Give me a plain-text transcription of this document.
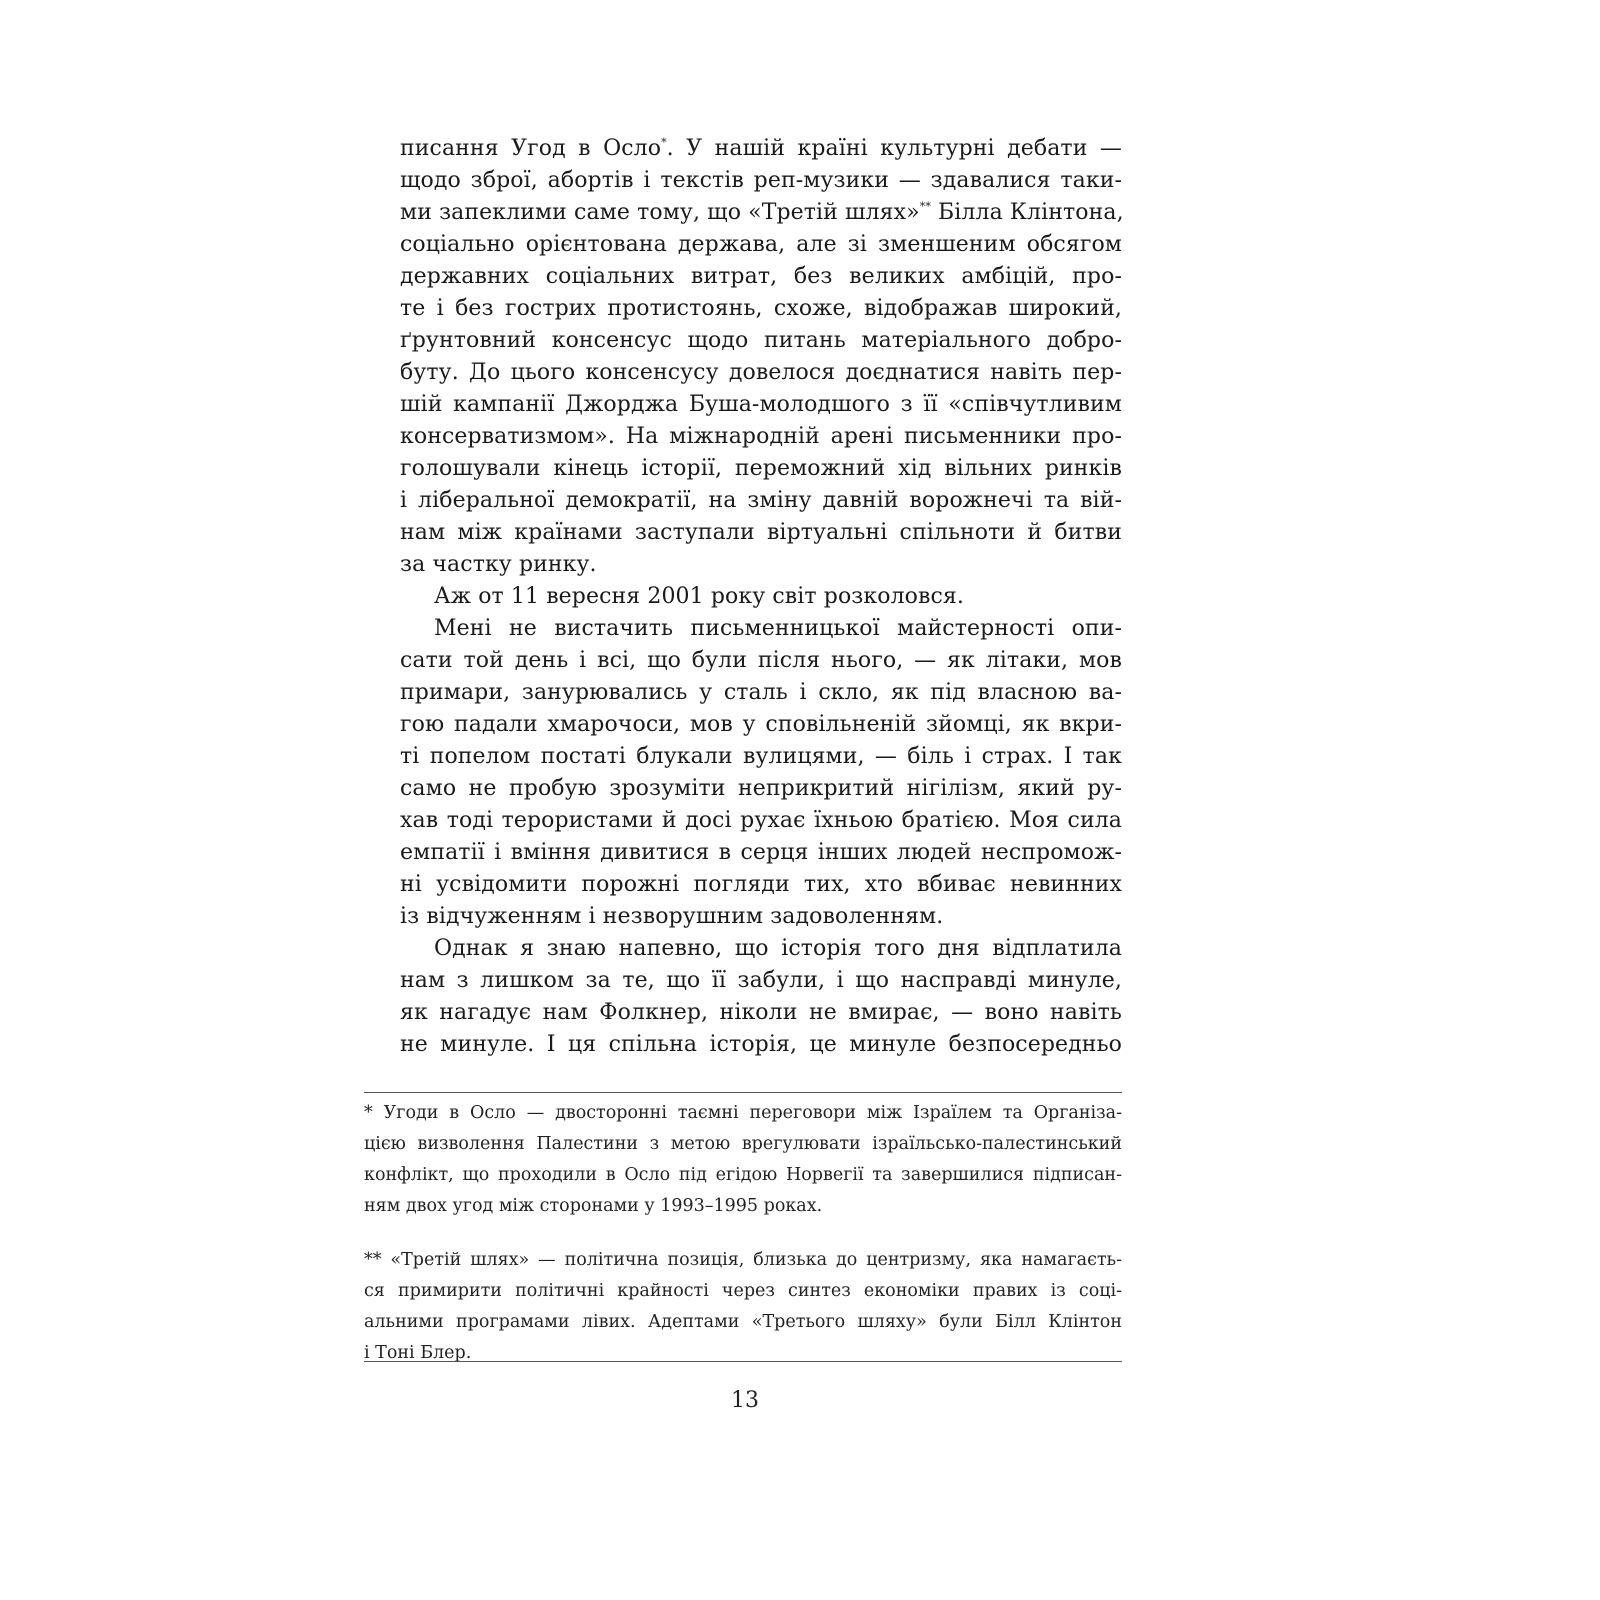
писання Угод в Осло*. У нашій країні культурні дебати —
щодо зброї, абортів і текстів реп-музики — здавалися таки-
ми запеклими саме тому, що «Третій шлях»** Білла Клінтона,
соціально орієнтована держава, але зі зменшеним обсягом
державних соціальних витрат, без великих амбіцій, про-
те і без гострих протистоянь, схоже, відображав широкий,
ґрунтовний консенсус щодо питань матеріального добро-
буту. До цього консенсусу довелося доєднатися навіть пер-
шій кампанії Джорджа Буша-молодшого з її «співчутливим
консерватизмом». На міжнародній арені письменники про-
голошували кінець історії, переможний хід вільних ринків
і ліберальної демократії, на зміну давній ворожнечі та вій-
нам між країнами заступали віртуальні спільноти й битви
за частку ринку.
Аж от 11 вересня 2001 року світ розколовся.
Мені не вистачить письменницької майстерності опи-
сати той день і всі, що були після нього, — як літаки, мов
примари, занурювались у сталь і скло, як під власною ва-
гою падали хмарочоси, мов у сповільненій зйомці, як вкри-
ті попелом постаті блукали вулицями, — біль і страх. І так
само не пробую зрозуміти неприкритий нігілізм, який ру-
хав тоді терористами й досі рухає їхньою братією. Моя сила
емпатії і вміння дивитися в серця інших людей неспромож-
ні усвідомити порожні погляди тих, хто вбиває невинних
із відчуженням і незворушним задоволенням.
Однак я знаю напевно, що історія того дня відплатила
нам з лишком за те, що її забули, і що насправді минуле,
як нагадує нам Фолкнер, ніколи не вмирає, — воно навіть
не минуле. І ця спільна історія, це минуле безпосередньо
* Угоди в Осло — двосторонні таємні переговори між Ізраїлем та Організа-
цією визволення Палестини з метою врегулювати ізраїльсько-палестинський
конфлікт, що проходили в Осло під егідою Норвегії та завершилися підписан-
ням двох угод між сторонами у 1993–1995 роках.
** «Третій шлях» — політична позиція, близька до центризму, яка намагаєть-
ся примирити політичні крайності через синтез економіки правих із соці-
альними програмами лівих. Адептами «Третього шляху» були Білл Клінтон
і Тоні Блер.
13
